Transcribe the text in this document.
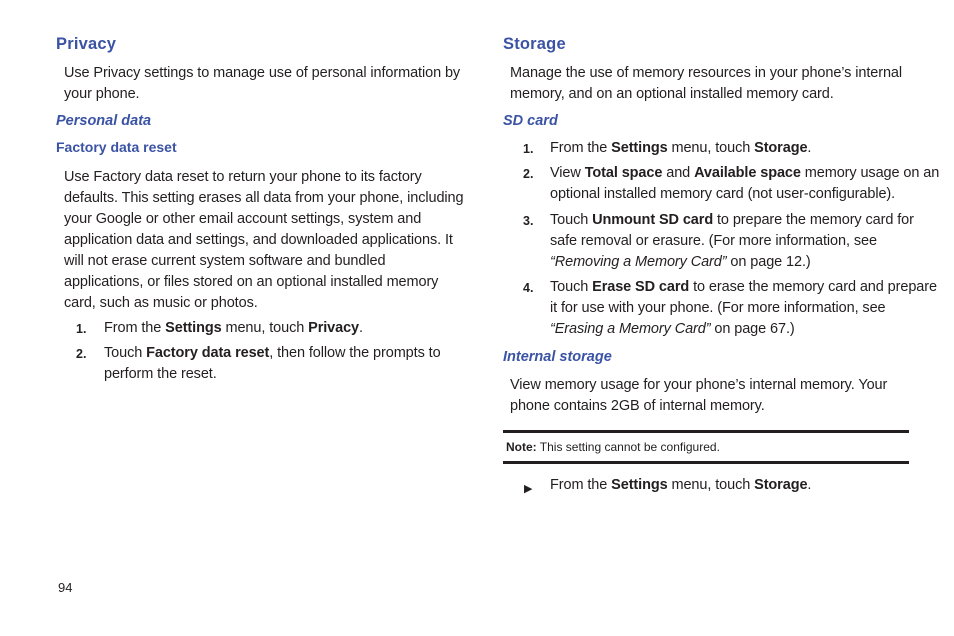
Privacy
Use Privacy settings to manage use of personal information by your phone.
Personal data
Factory data reset
Use Factory data reset to return your phone to its factory defaults. This setting erases all data from your phone, including your Google or other email account settings, system and application data and settings, and downloaded applications. It will not erase current system software and bundled applications, or files stored on an optional installed memory card, such as music or photos.
1. From the Settings menu, touch Privacy.
2. Touch Factory data reset, then follow the prompts to
perform the reset.
Storage
Manage the use of memory resources in your phone’s internal memory, and on an optional installed memory card.
SD card
1. From the Settings menu, touch Storage.
2. View Total space and Available space memory usage on an
optional installed memory card (not user-configurable).
3. Touch Unmount SD card to prepare the memory card for
safe removal or erasure. (For more information, see
“Removing a Memory Card” on page 12.)
4. Touch Erase SD card to erase the memory card and prepare
it for use with your phone. (For more information, see
“Erasing a Memory Card” on page 67.)
Internal storage
View memory usage for your phone’s internal memory. Your phone contains 2GB of internal memory.
Note: This setting cannot be configured.
▶ From the Settings menu, touch Storage.
94
